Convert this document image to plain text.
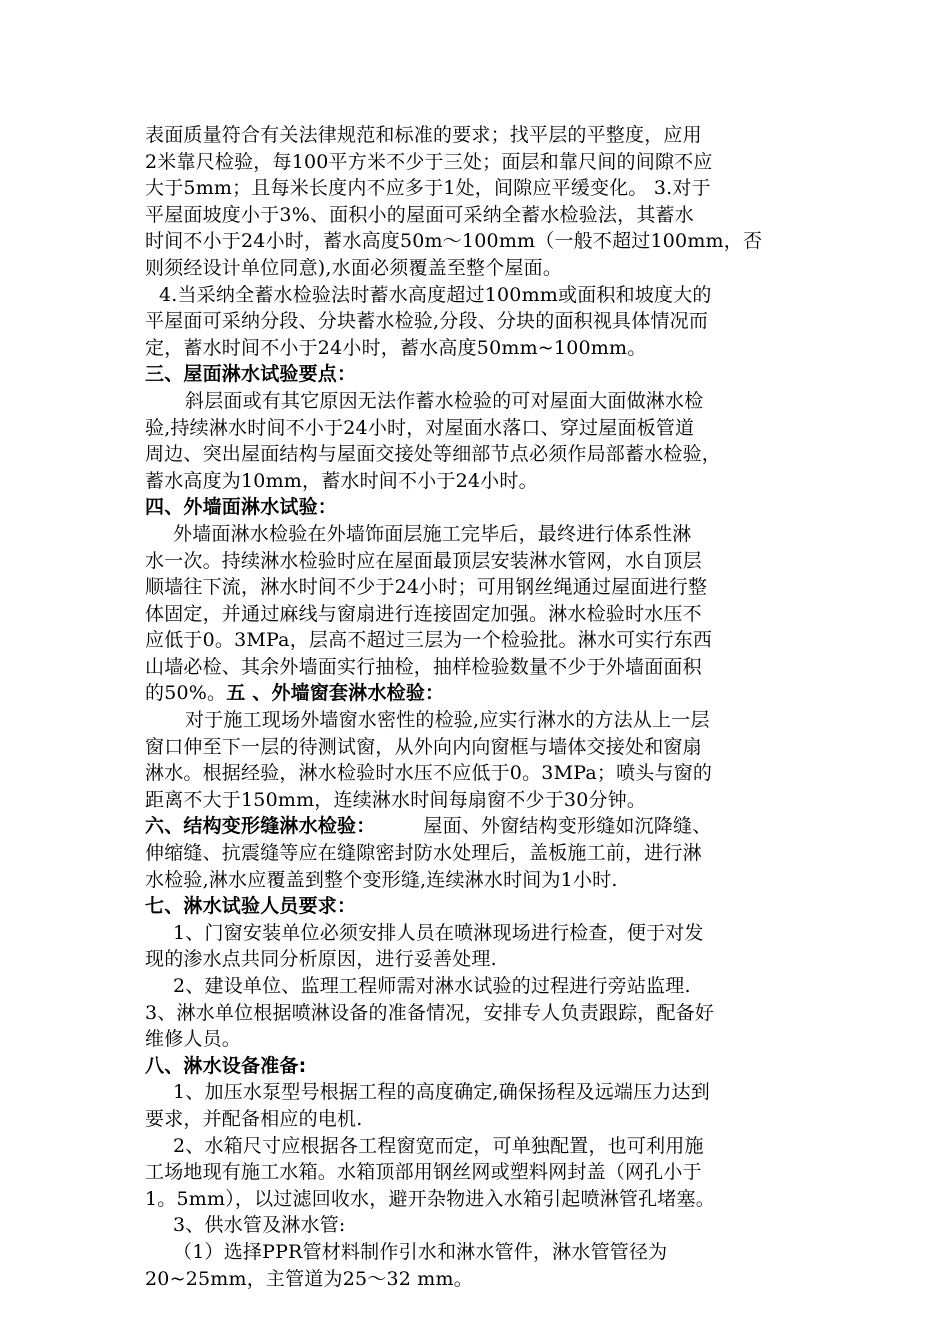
表面质量符合有关法律规范和标准的要求；找平层的平整度，应用
2米靠尺检验，每100平方米不少于三处；面层和靠尺间的间隙不应
大于5mm；且每米长度内不应多于1处，间隙应平缓变化。 3.对于
平屋面坡度小于3%、面积小的屋面可采纳全蓄水检验法，其蓄水
时间不小于24小时，蓄水高度50m～100mm（一般不超过100mm，否
则须经设计单位同意),水面必须覆盖至整个屋面。
4.当采纳全蓄水检验法时蓄水高度超过100mm或面积和坡度大的
平屋面可采纳分段、分块蓄水检验,分段、分块的面积视具体情况而
定，蓄水时间不小于24小时，蓄水高度50mm~100mm。
三、屋面淋水试验要点：
斜层面或有其它原因无法作蓄水检验的可对屋面大面做淋水检
验,持续淋水时间不小于24小时，对屋面水落口、穿过屋面板管道
周边、突出屋面结构与屋面交接处等细部节点必须作局部蓄水检验，
蓄水高度为10mm，蓄水时间不小于24小时。
四、外墙面淋水试验：
外墙面淋水检验在外墙饰面层施工完毕后，最终进行体系性淋
水一次。持续淋水检验时应在屋面最顶层安装淋水管网，水自顶层
顺墙往下流，淋水时间不少于24小时；可用钢丝绳通过屋面进行整
体固定，并通过麻线与窗扇进行连接固定加强。淋水检验时水压不
应低于0。3MPa，层高不超过三层为一个检验批。淋水可实行东西
山墙必检、其余外墙面实行抽检，抽样检验数量不少于外墙面面积
的50%。五 、外墙窗套淋水检验：
对于施工现场外墙窗水密性的检验,应实行淋水的方法从上一层
窗口伸至下一层的待测试窗，从外向内向窗框与墙体交接处和窗扇
淋水。根据经验，淋水检验时水压不应低于0。3MPa；喷头与窗的
距离不大于150mm，连续淋水时间每扇窗不少于30分钟。
六、结构变形缝淋水检验：	屋面、外窗结构变形缝如沉降缝、
伸缩缝、抗震缝等应在缝隙密封防水处理后，盖板施工前，进行淋
水检验,淋水应覆盖到整个变形缝,连续淋水时间为1小时.
七、淋水试验人员要求：
1、门窗安装单位必须安排人员在喷淋现场进行检查，便于对发
现的渗水点共同分析原因，进行妥善处理.
2、建设单位、监理工程师需对淋水试验的过程进行旁站监理.
3、淋水单位根据喷淋设备的准备情况，安排专人负责跟踪，配备好
维修人员。
八、淋水设备准备:
1、加压水泵型号根据工程的高度确定,确保扬程及远端压力达到
要求，并配备相应的电机.
2、水箱尺寸应根据各工程窗宽而定，可单独配置，也可利用施
工场地现有施工水箱。水箱顶部用钢丝网或塑料网封盖（网孔小于
1。5mm），以过滤回收水，避开杂物进入水箱引起喷淋管孔堵塞。
3、供水管及淋水管:
（1）选择PPR管材料制作引水和淋水管件，淋水管管径为
20~25mm，主管道为25～32 mm。
